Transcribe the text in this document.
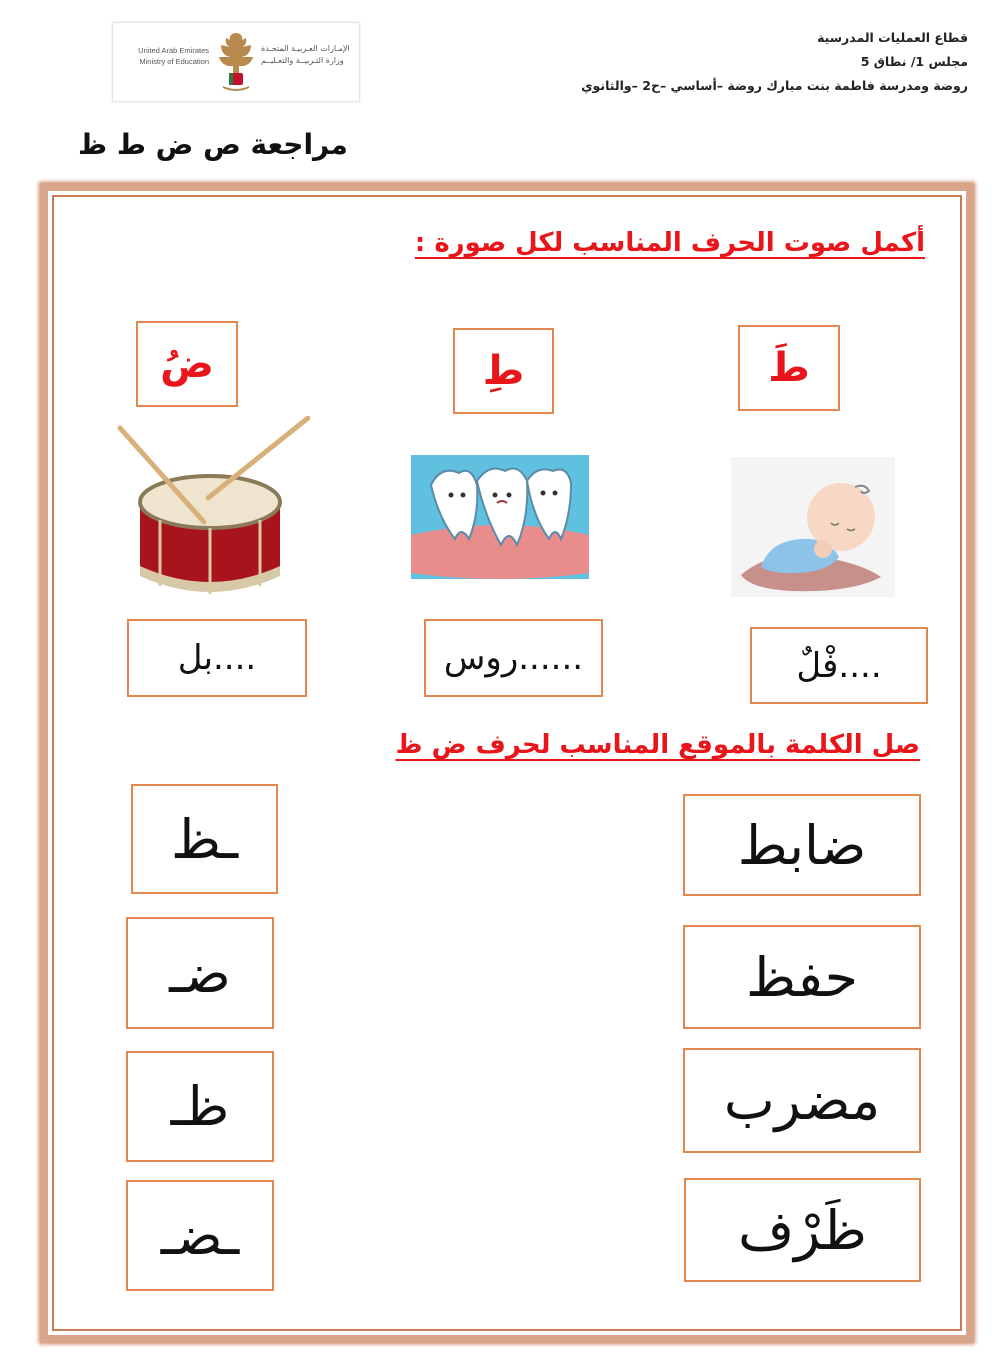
United Arab Emirates
Ministry of Education
الإمـارات العـربيـة المتحـدة
وزارة التـربيــة والتعـليــم
قطاع العمليات المدرسية
مجلس 1/ نطاق 5
روضة ومدرسة فاطمة بنت مبارك روضة –أساسي –ح2 –والثانوي
مراجعة ص ض ط ظ
أكمل صوت الحرف المناسب لكل صورة :
طَ
طِ
ضُ
....فْلٌ
......روس
....بل
صل الكلمة بالموقع المناسب لحرف ض ظ
ضابط
حفظ
مضرب
ظَرْف
ـظ
ضـ
ظـ
ـضـ
